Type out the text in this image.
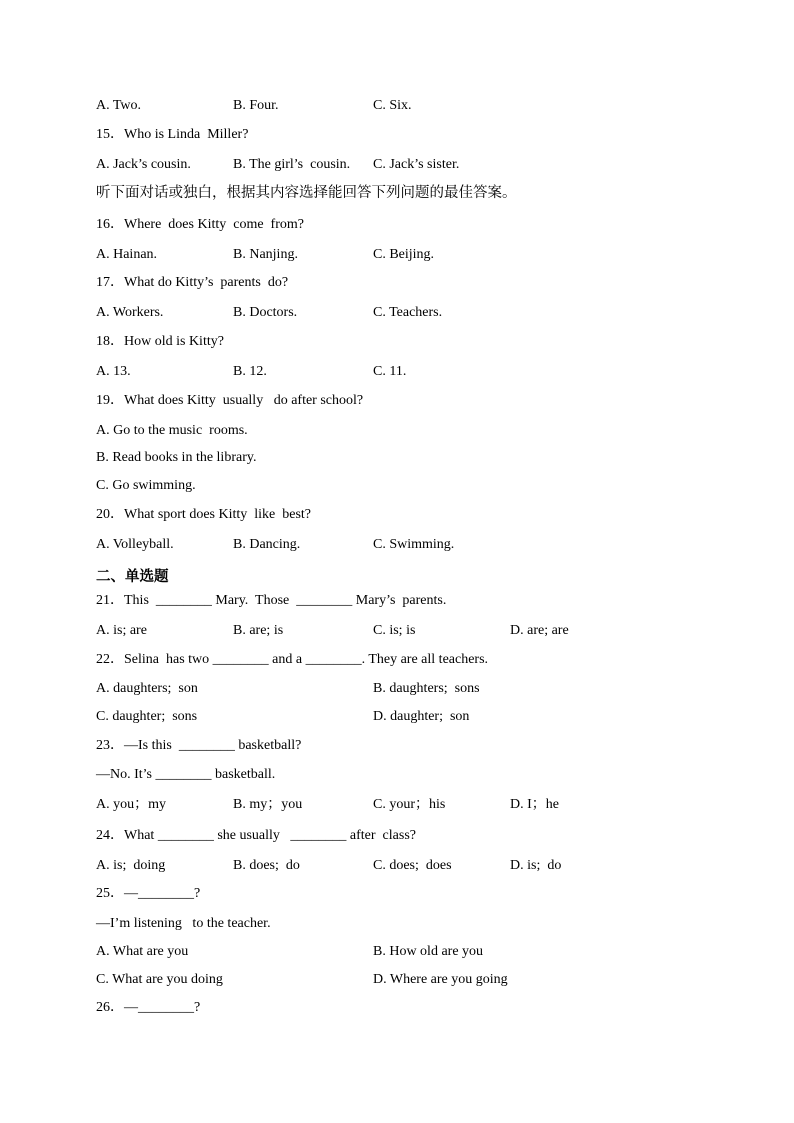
A. Two.	B. Four.	C. Six.
15．Who is Linda  Miller?
A. Jack’s cousin.	B. The girl’s  cousin. C. Jack’s sister.
听下面对话或独白，根据其内容选择能回答下列问题的最佳答案。
16．Where  does Kitty  come  from?
A. Hainan.	B. Nanjing.	C. Beijing.
17．What do Kitty’s  parents  do?
A. Workers.	B. Doctors.	C. Teachers.
18．How old is Kitty?
A. 13.	B. 12.	C. 11.
19．What does Kitty  usually   do after school?
A. Go to the music  rooms.
B. Read books in the library.
C. Go swimming.
20．What sport does Kitty  like  best?
A. Volleyball.	B. Dancing.	C. Swimming.
二、单选题
21．This  ________ Mary.  Those  ________ Mary’s  parents.
A. is; are	B. are; is	C. is; is	D. are; are
22．Selina  has two ________ and a ________. They are all teachers.
A. daughters;  son	B. daughters;  sons
C. daughter;  sons	D. daughter;  son
23．—Is this  ________ basketball?
—No. It’s ________ basketball.
A. you；my	B. my；you	C. your；his	D. I；he
24．What ________ she usually   ________ after  class?
A. is;  doing	B. does;  do	C. does;  does	D. is;  do
25．—________?
—I’m listening   to the teacher.
A. What are you	B. How old are you
C. What are you doing	D. Where are you going
26．—________?
